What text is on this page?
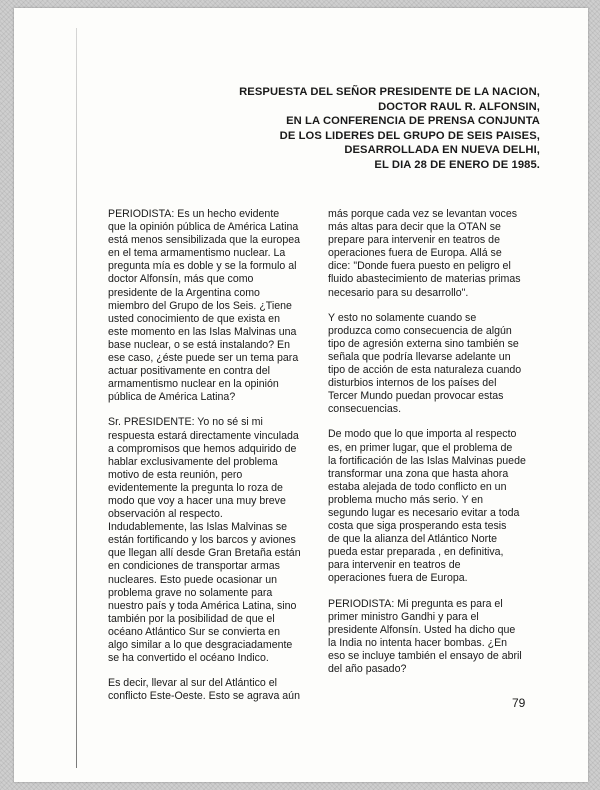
RESPUESTA DEL SEÑOR PRESIDENTE DE LA NACION,
DOCTOR RAUL R. ALFONSIN,
EN LA CONFERENCIA DE PRENSA CONJUNTA
DE LOS LIDERES DEL GRUPO DE SEIS PAISES,
DESARROLLADA EN NUEVA DELHI,
EL DIA 28 DE ENERO DE 1985.

PERIODISTA: Es un hecho evidente
que la opinión pública de América Latina
está menos sensibilizada que la europea
en el tema armamentismo nuclear. La
pregunta mía es doble y se la formulo al
doctor Alfonsín, más que como
presidente de la Argentina como
miembro del Grupo de los Seis. ¿Tiene
usted conocimiento de que exista en
este momento en las Islas Malvinas una
base nuclear, o se está instalando? En
ese caso, ¿éste puede ser un tema para
actuar positivamente en contra del
armamentismo nuclear en la opinión
pública de América Latina?

Sr. PRESIDENTE: Yo no sé si mi
respuesta estará directamente vinculada
a compromisos que hemos adquirido de
hablar exclusivamente del problema
motivo de esta reunión, pero
evidentemente la pregunta lo roza de
modo que voy a hacer una muy breve
observación al respecto.
Indudablemente, las Islas Malvinas se
están fortificando y los barcos y aviones
que llegan allí desde Gran Bretaña están
en condiciones de transportar armas
nucleares. Esto puede ocasionar un
problema grave no solamente para
nuestro país y toda América Latina, sino
también por la posibilidad de que el
océano Atlántico Sur se convierta en
algo similar a lo que desgraciadamente
se ha convertido el océano Indico.

Es decir, llevar al sur del Atlántico el
conflicto Este-Oeste. Esto se agrava aún

más porque cada vez se levantan voces
más altas para decir que la OTAN se
prepare para intervenir en teatros de
operaciones fuera de Europa. Allá se
dice: "Donde fuera puesto en peligro el
fluido abastecimiento de materias primas
necesario para su desarrollo".

Y esto no solamente cuando se
produzca como consecuencia de algún
tipo de agresión externa sino también se
señala que podría llevarse adelante un
tipo de acción de esta naturaleza cuando
disturbios internos de los países del
Tercer Mundo puedan provocar estas
consecuencias.

De modo que lo que importa al respecto
es, en primer lugar, que el problema de
la fortificación de las Islas Malvinas puede
transformar una zona que hasta ahora
estaba alejada de todo conflicto en un
problema mucho más serio. Y en
segundo lugar es necesario evitar a toda
costa que siga prosperando esta tesis
de que la alianza del Atlántico Norte
pueda estar preparada , en definitiva,
para intervenir en teatros de
operaciones fuera de Europa.

PERIODISTA: Mi pregunta es para el
primer ministro Gandhi y para el
presidente Alfonsín. Usted ha dicho que
la India no intenta hacer bombas. ¿En
eso se incluye también el ensayo de abril
del año pasado?

79
